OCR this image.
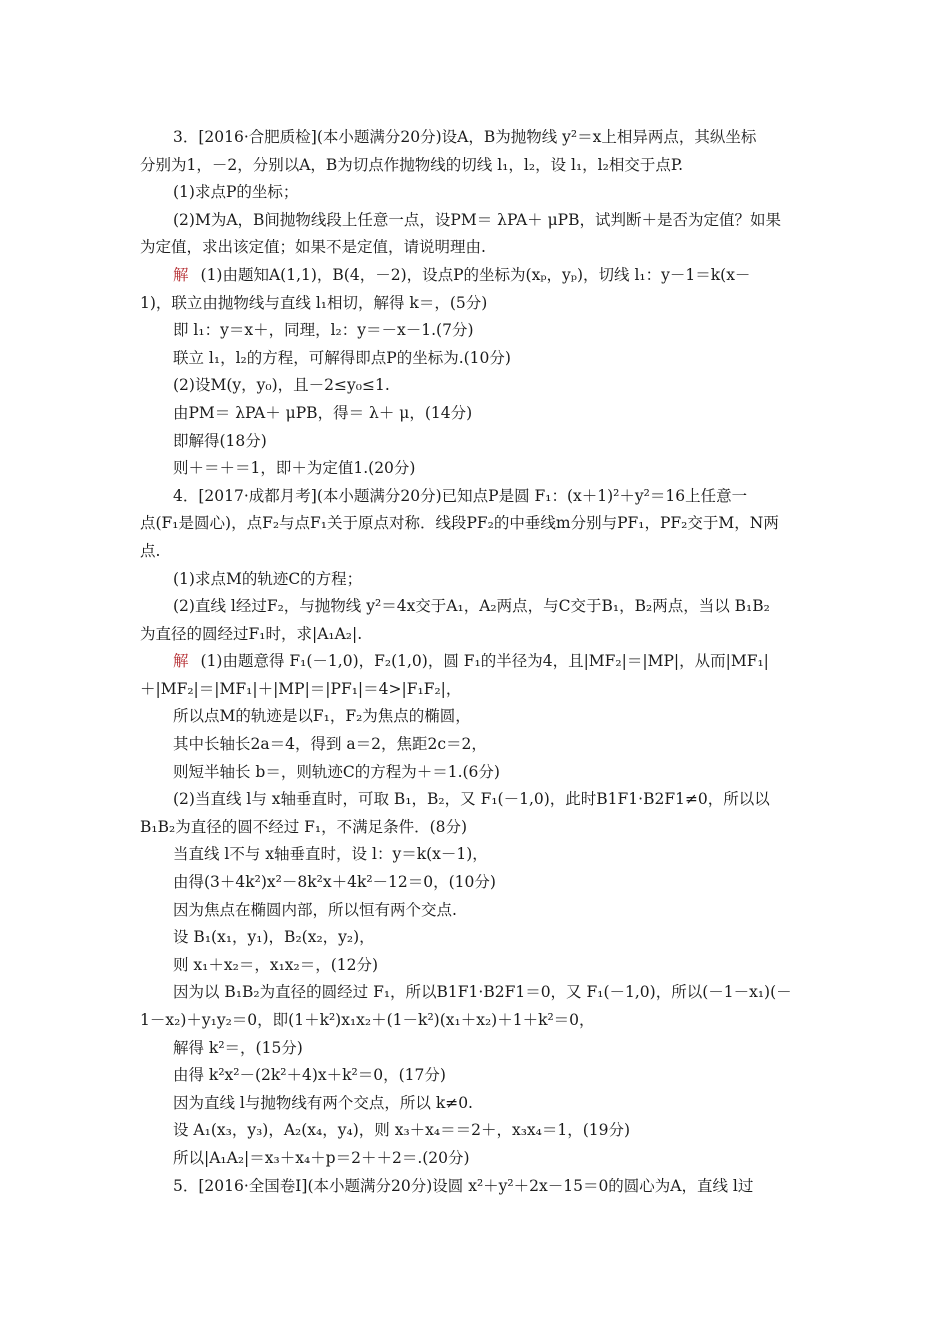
3．[2016·合肥质检](本小题满分20分)设A，B为抛物线 y²＝x上相异两点，其纵坐标
分别为1，－2，分别以A，B为切点作抛物线的切线 l₁，l₂，设 l₁，l₂相交于点P.
(1)求点P的坐标；
(2)M为A，B间抛物线段上任意一点，设PM＝ λPA＋ μPB，试判断＋是否为定值？如果
为定值，求出该定值；如果不是定值，请说明理由.
解 (1)由题知A(1,1)，B(4，－2)，设点P的坐标为(xₚ，yₚ)，切线 l₁：y－1＝k(x－
1)，联立由抛物线与直线 l₁相切，解得 k＝，(5分)
即 l₁：y＝x＋，同理，l₂：y＝－x－1.(7分)
联立 l₁，l₂的方程，可解得即点P的坐标为.(10分)
(2)设M(y，y₀)，且－2≤y₀≤1.
由PM＝ λPA＋ μPB，得＝ λ＋ μ，(14分)
即解得(18分)
则＋＝＋＝1，即＋为定值1.(20分)
4．[2017·成都月考](本小题满分20分)已知点P是圆 F₁：(x＋1)²＋y²＝16上任意一
点(F₁是圆心)，点F₂与点F₁关于原点对称．线段PF₂的中垂线m分别与PF₁，PF₂交于M，N两
点.
(1)求点M的轨迹C的方程；
(2)直线 l经过F₂，与抛物线 y²＝4x交于A₁，A₂两点，与C交于B₁，B₂两点，当以 B₁B₂
为直径的圆经过F₁时，求|A₁A₂|.
解 (1)由题意得 F₁(－1,0)，F₂(1,0)，圆 F₁的半径为4，且|MF₂|＝|MP|，从而|MF₁|
＋|MF₂|＝|MF₁|＋|MP|＝|PF₁|＝4>|F₁F₂|，
所以点M的轨迹是以F₁，F₂为焦点的椭圆，
其中长轴长2a＝4，得到 a＝2，焦距2c＝2，
则短半轴长 b＝，则轨迹C的方程为＋＝1.(6分)
(2)当直线 l与 x轴垂直时，可取 B₁，B₂，又 F₁(－1,0)，此时B1F1·B2F1≠0，所以以
B₁B₂为直径的圆不经过 F₁，不满足条件．(8分)
当直线 l不与 x轴垂直时，设 l：y＝k(x－1)，
由得(3＋4k²)x²－8k²x＋4k²－12＝0，(10分)
因为焦点在椭圆内部，所以恒有两个交点.
设 B₁(x₁，y₁)，B₂(x₂，y₂)，
则 x₁＋x₂＝，x₁x₂＝，(12分)
因为以 B₁B₂为直径的圆经过 F₁，所以B1F1·B2F1＝0，又 F₁(－1,0)，所以(－1－x₁)(－
1－x₂)＋y₁y₂＝0，即(1＋k²)x₁x₂＋(1－k²)(x₁＋x₂)＋1＋k²＝0，
解得 k²＝，(15分)
由得 k²x²－(2k²＋4)x＋k²＝0，(17分)
因为直线 l与抛物线有两个交点，所以 k≠0.
设 A₁(x₃，y₃)，A₂(x₄，y₄)，则 x₃＋x₄＝＝2＋，x₃x₄＝1，(19分)
所以|A₁A₂|＝x₃＋x₄＋p＝2＋＋2＝.(20分)
5．[2016·全国卷Ⅰ](本小题满分20分)设圆 x²＋y²＋2x－15＝0的圆心为A，直线 l过
